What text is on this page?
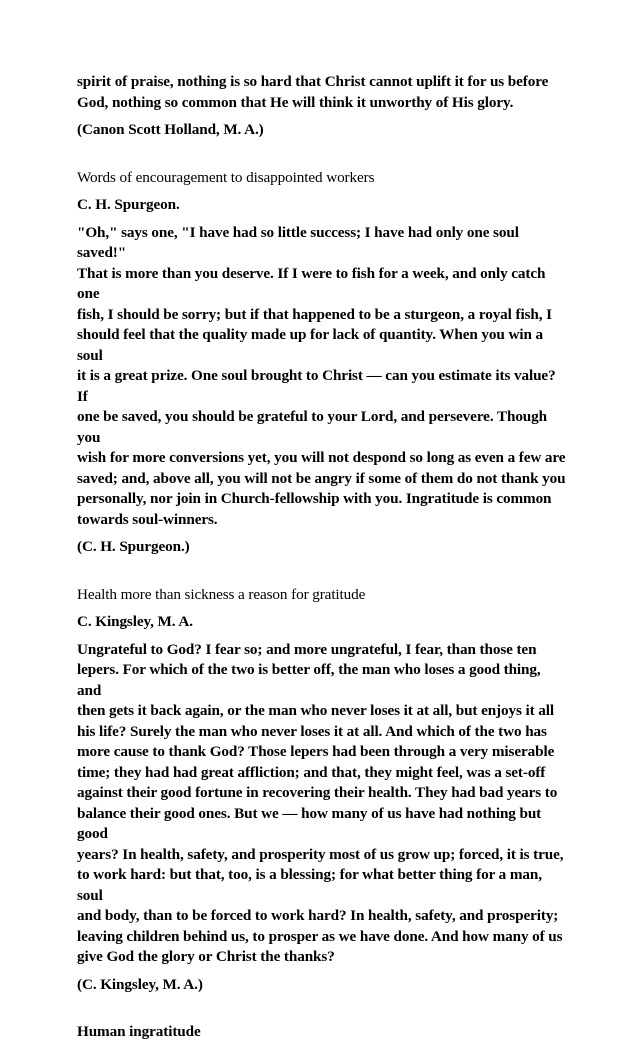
spirit of praise, nothing is so hard that Christ cannot uplift it for us before
God, nothing so common that He will think it unworthy of His glory.

(Canon Scott Holland, M. A.)

Words of encouragement to disappointed workers

C. H. Spurgeon.

"Oh," says one, "I have had so little success; I have had only one soul saved!"
That is more than you deserve. If I were to fish for a week, and only catch one
fish, I should be sorry; but if that happened to be a sturgeon, a royal fish, I
should feel that the quality made up for lack of quantity. When you win a soul
it is a great prize. One soul brought to Christ — can you estimate its value? If
one be saved, you should be grateful to your Lord, and persevere. Though you
wish for more conversions yet, you will not despond so long as even a few are
saved; and, above all, you will not be angry if some of them do not thank you
personally, nor join in Church-fellowship with you. Ingratitude is common
towards soul-winners.

(C. H. Spurgeon.)

Health more than sickness a reason for gratitude

C. Kingsley, M. A.

Ungrateful to God? I fear so; and more ungrateful, I fear, than those ten
lepers. For which of the two is better off, the man who loses a good thing, and
then gets it back again, or the man who never loses it at all, but enjoys it all
his life? Surely the man who never loses it at all. And which of the two has
more cause to thank God? Those lepers had been through a very miserable
time; they had had great affliction; and that, they might feel, was a set-off
against their good fortune in recovering their health. They had bad years to
balance their good ones. But we — how many of us have had nothing but good
years? In health, safety, and prosperity most of us grow up; forced, it is true,
to work hard: but that, too, is a blessing; for what better thing for a man, soul
and body, than to be forced to work hard? In health, safety, and prosperity;
leaving children behind us, to prosper as we have done. And how many of us
give God the glory or Christ the thanks?

(C. Kingsley, M. A.)

Human ingratitude
